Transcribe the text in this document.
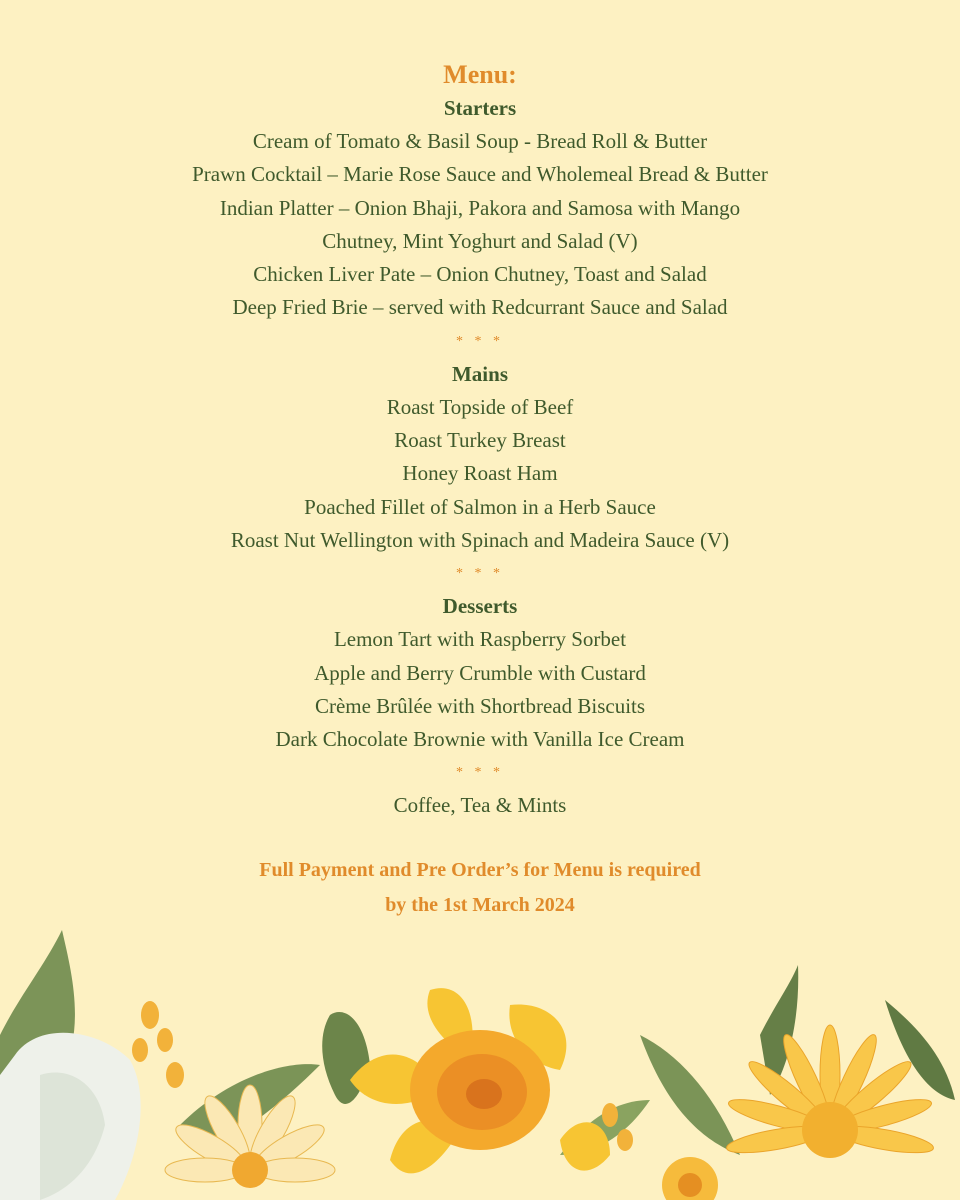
Menu:
Starters
Cream of Tomato & Basil Soup - Bread Roll & Butter
Prawn Cocktail – Marie Rose Sauce and Wholemeal Bread & Butter
Indian Platter – Onion Bhaji, Pakora and Samosa with Mango
Chutney, Mint Yoghurt and Salad (V)
Chicken Liver Pate – Onion Chutney, Toast and Salad
Deep Fried Brie – served with Redcurrant Sauce and Salad
* * *
Mains
Roast Topside of Beef
Roast Turkey Breast
Honey Roast Ham
Poached Fillet of Salmon in a Herb Sauce
Roast Nut Wellington with Spinach and Madeira Sauce (V)
* * *
Desserts
Lemon Tart with Raspberry Sorbet
Apple and Berry Crumble with Custard
Crème Brûlée with Shortbread Biscuits
Dark Chocolate Brownie with Vanilla Ice Cream
* * *
Coffee, Tea & Mints
Full Payment and Pre Order’s for Menu is required
by the 1st March 2024
